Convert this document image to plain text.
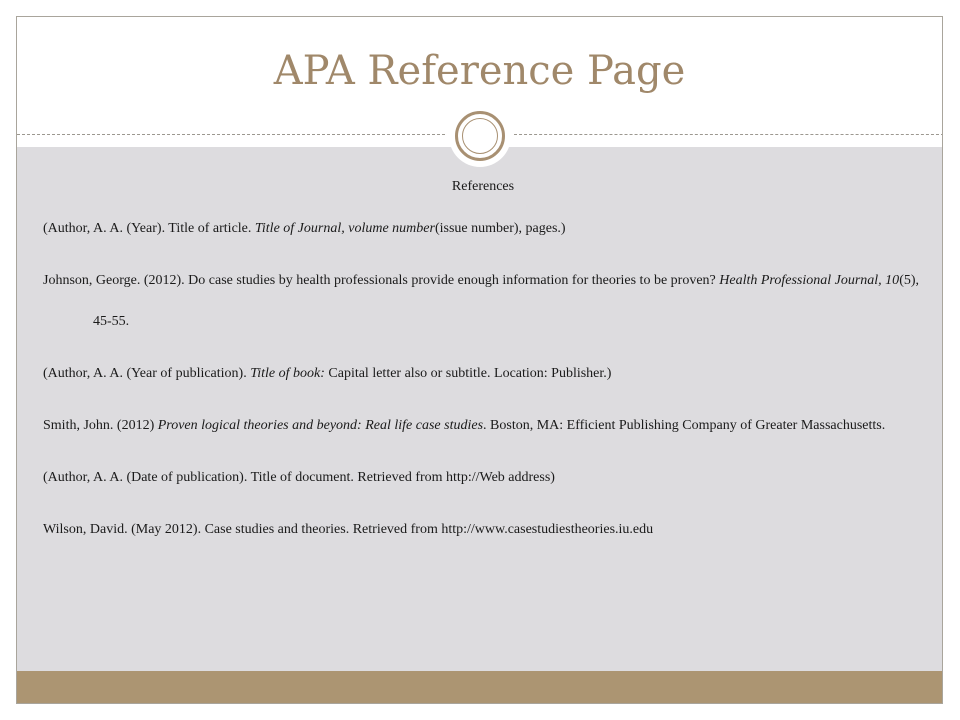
APA Reference Page

References

(Author, A. A. (Year). Title of article. Title of Journal, volume number(issue number), pages.)

Johnson, George. (2012). Do case studies by health professionals provide enough information for theories to be proven? Health Professional Journal, 10(5), 45-55.

(Author, A. A. (Year of publication). Title of book: Capital letter also or subtitle. Location: Publisher.)

Smith, John. (2012) Proven logical theories and beyond: Real life case studies. Boston, MA: Efficient Publishing Company of Greater Massachusetts.

(Author, A. A. (Date of publication). Title of document. Retrieved from http://Web address)

Wilson, David. (May 2012). Case studies and theories. Retrieved from http://www.casestudiestheories.iu.edu
